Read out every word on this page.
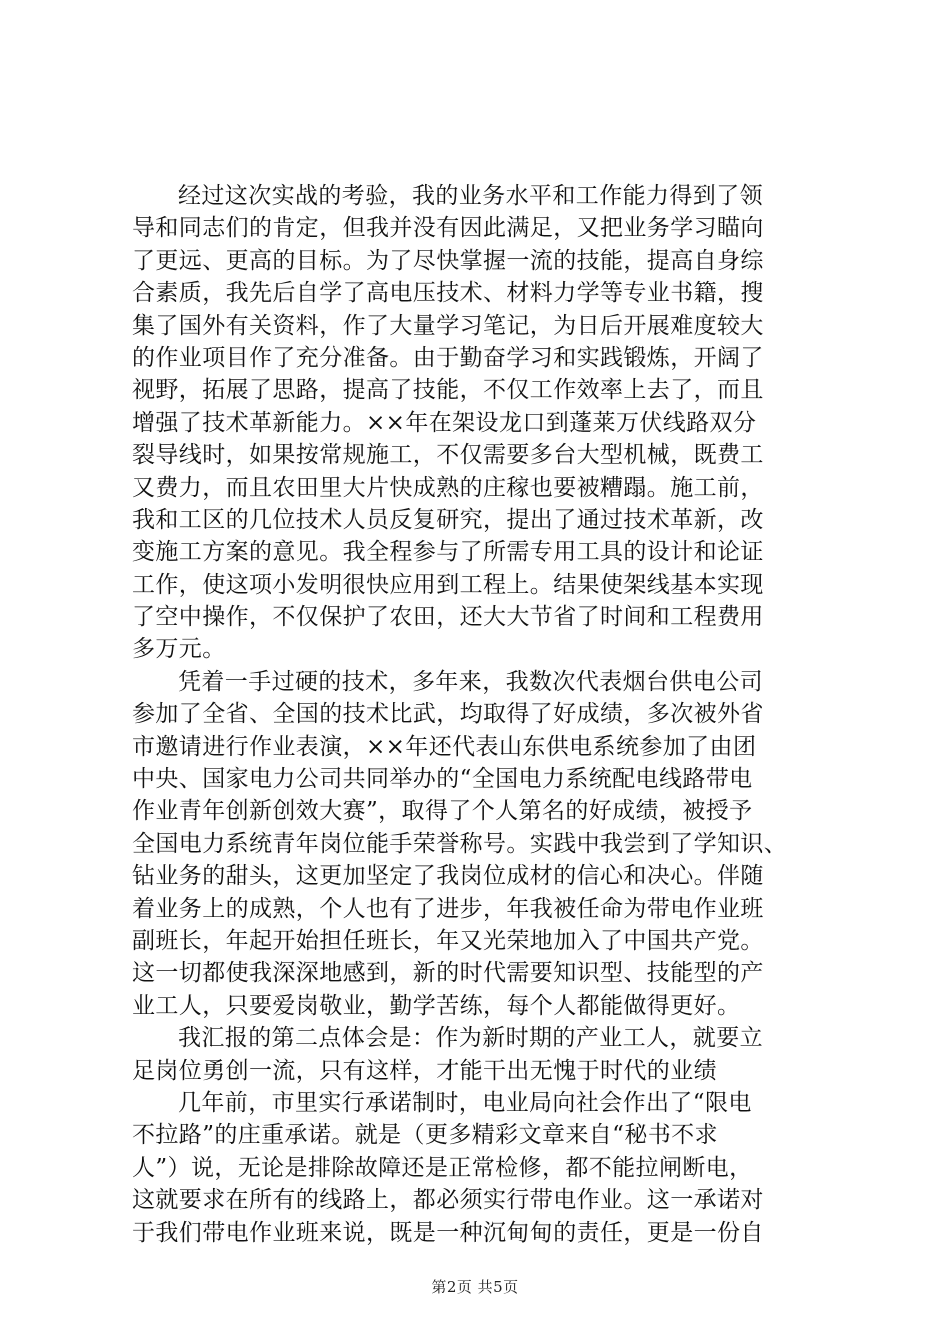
经过这次实战的考验，我的业务水平和工作能力得到了领
导和同志们的肯定，但我并没有因此满足，又把业务学习瞄向
了更远、更高的目标。为了尽快掌握一流的技能，提高自身综
合素质，我先后自学了高电压技术、材料力学等专业书籍，搜
集了国外有关资料，作了大量学习笔记，为日后开展难度较大
的作业项目作了充分准备。由于勤奋学习和实践锻炼，开阔了
视野，拓展了思路，提高了技能，不仅工作效率上去了，而且
增强了技术革新能力。××年在架设龙口到蓬莱万伏线路双分
裂导线时，如果按常规施工，不仅需要多台大型机械，既费工
又费力，而且农田里大片快成熟的庄稼也要被糟蹋。施工前，
我和工区的几位技术人员反复研究，提出了通过技术革新，改
变施工方案的意见。我全程参与了所需专用工具的设计和论证
工作，使这项小发明很快应用到工程上。结果使架线基本实现
了空中操作，不仅保护了农田，还大大节省了时间和工程费用
多万元。
凭着一手过硬的技术，多年来，我数次代表烟台供电公司
参加了全省、全国的技术比武，均取得了好成绩，多次被外省
市邀请进行作业表演，××年还代表山东供电系统参加了由团
中央、国家电力公司共同举办的“全国电力系统配电线路带电
作业青年创新创效大赛”，取得了个人第名的好成绩，被授予
全国电力系统青年岗位能手荣誉称号。实践中我尝到了学知识、
钻业务的甜头，这更加坚定了我岗位成材的信心和决心。伴随
着业务上的成熟，个人也有了进步，年我被任命为带电作业班
副班长，年起开始担任班长，年又光荣地加入了中国共产党。
这一切都使我深深地感到，新的时代需要知识型、技能型的产
业工人，只要爱岗敬业，勤学苦练，每个人都能做得更好。
我汇报的第二点体会是：作为新时期的产业工人，就要立
足岗位勇创一流，只有这样，才能干出无愧于时代的业绩
几年前，市里实行承诺制时，电业局向社会作出了“限电
不拉路”的庄重承诺。就是（更多精彩文章来自“秘书不求
人”）说，无论是排除故障还是正常检修，都不能拉闸断电，
这就要求在所有的线路上，都必须实行带电作业。这一承诺对
于我们带电作业班来说，既是一种沉甸甸的责任，更是一份自
第2页 共5页
